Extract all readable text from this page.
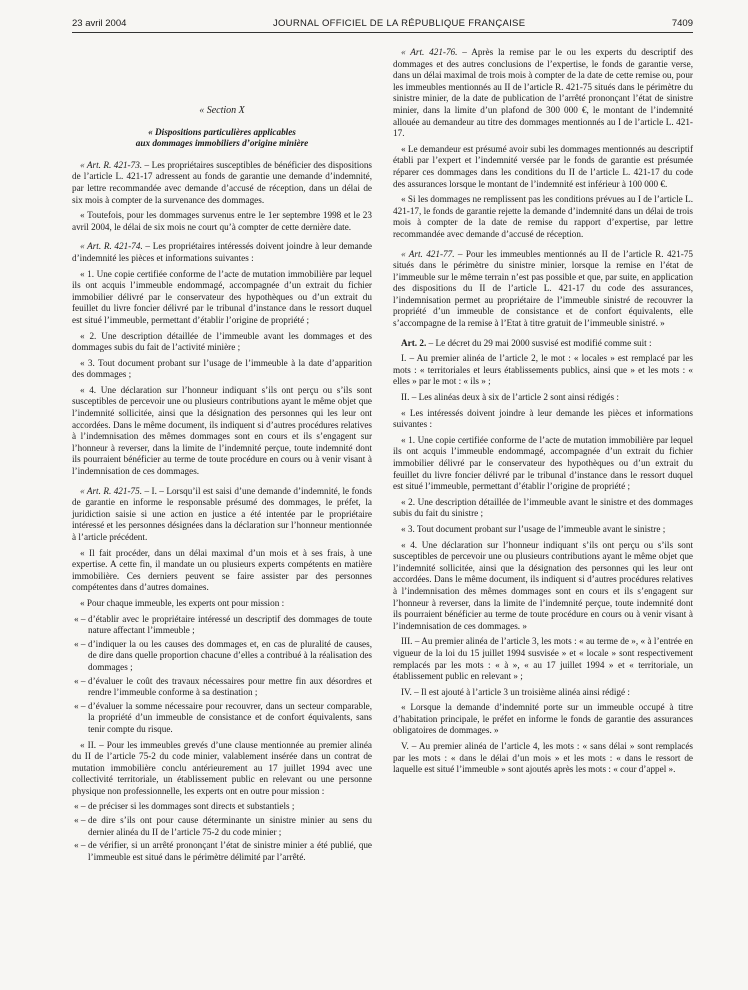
23 avril 2004	JOURNAL OFFICIEL DE LA RÉPUBLIQUE FRANÇAISE	7409
« Section X
« Dispositions particulières applicables
aux dommages immobiliers d’origine minière

« Art. R. 421-73. – Les propriétaires susceptibles de bénéficier des dispositions de l’article L. 421-17 adressent au fonds de garantie une demande d’indemnité, par lettre recommandée avec demande d’accusé de réception, dans un délai de six mois à compter de la survenance des dommages.

« Toutefois, pour les dommages survenus entre le 1er septembre 1998 et le 23 avril 2004, le délai de six mois ne court qu’à compter de cette dernière date.

« Art. R. 421-74. – Les propriétaires intéressés doivent joindre à leur demande d’indemnité les pièces et informations suivantes :

« 1. Une copie certifiée conforme de l’acte de mutation immobilière par lequel ils ont acquis l’immeuble endommagé, accompagnée d’un extrait du fichier immobilier délivré par le conservateur des hypothèques ou d’un extrait du feuillet du livre foncier délivré par le tribunal d’instance dans le ressort duquel est situé l’immeuble, permettant d’établir l’origine de propriété ;

« 2. Une description détaillée de l’immeuble avant les dommages et des dommages subis du fait de l’activité minière ;

« 3. Tout document probant sur l’usage de l’immeuble à la date d’apparition des dommages ;

« 4. Une déclaration sur l’honneur indiquant s’ils ont perçu ou s’ils sont susceptibles de percevoir une ou plusieurs contributions ayant le même objet que l’indemnité sollicitée, ainsi que la désignation des personnes qui les leur ont accordées. Dans le même document, ils indiquent si d’autres procédures relatives à l’indemnisation des mêmes dommages sont en cours et ils s’engagent sur l’honneur à reverser, dans la limite de l’indemnité perçue, toute indemnité dont ils pourraient bénéficier au terme de toute procédure en cours ou à venir visant à l’indemnisation de ces dommages.

« Art. R. 421-75. – I. – Lorsqu’il est saisi d’une demande d’indemnité, le fonds de garantie en informe le responsable présumé des dommages, le préfet, la juridiction saisie si une action en justice a été intentée par le propriétaire intéressé et les personnes désignées dans la déclaration sur l’honneur mentionnée à l’article précédent.

« Il fait procéder, dans un délai maximal d’un mois et à ses frais, à une expertise. A cette fin, il mandate un ou plusieurs experts compétents en matière immobilière. Ces derniers peuvent se faire assister par des personnes compétentes dans d’autres domaines.

« Pour chaque immeuble, les experts ont pour mission :

« – d’établir avec le propriétaire intéressé un descriptif des dommages de toute nature affectant l’immeuble ;
« – d’indiquer la ou les causes des dommages et, en cas de pluralité de causes, de dire dans quelle proportion chacune d’elles a contribué à la réalisation des dommages ;
« – d’évaluer le coût des travaux nécessaires pour mettre fin aux désordres et rendre l’immeuble conforme à sa destination ;
« – d’évaluer la somme nécessaire pour recouvrer, dans un secteur comparable, la propriété d’un immeuble de consistance et de confort équivalents, sans tenir compte du risque.

« II. – Pour les immeubles grevés d’une clause mentionnée au premier alinéa du II de l’article 75-2 du code minier, valablement insérée dans un contrat de mutation immobilière conclu antérieurement au 17 juillet 1994 avec une collectivité territoriale, un établissement public en relevant ou une personne physique non professionnelle, les experts ont en outre pour mission :

« – de préciser si les dommages sont directs et substantiels ;
« – de dire s’ils ont pour cause déterminante un sinistre minier au sens du dernier alinéa du II de l’article 75-2 du code minier ;
« – de vérifier, si un arrêté prononçant l’état de sinistre minier a été publié, que l’immeuble est situé dans le périmètre délimité par l’arrêté.

« Art. 421-76. – Après la remise par le ou les experts du descriptif des dommages et des autres conclusions de l’expertise, le fonds de garantie verse, dans un délai maximal de trois mois à compter de la date de cette remise ou, pour les immeubles mentionnés au II de l’article R. 421-75 situés dans le périmètre du sinistre minier, de la date de publication de l’arrêté prononçant l’état de sinistre minier, dans la limite d’un plafond de 300 000 €, le montant de l’indemnité allouée au demandeur au titre des dommages mentionnés au I de l’article L. 421-17.

« Le demandeur est présumé avoir subi les dommages mentionnés au descriptif établi par l’expert et l’indemnité versée par le fonds de garantie est présumée réparer ces dommages dans les conditions du II de l’article L. 421-17 du code des assurances lorsque le montant de l’indemnité est inférieur à 100 000 €.

« Si les dommages ne remplissent pas les conditions prévues au I de l’article L. 421-17, le fonds de garantie rejette la demande d’indemnité dans un délai de trois mois à compter de la date de remise du rapport d’expertise, par lettre recommandée avec demande d’accusé de réception.

« Art. 421-77. – Pour les immeubles mentionnés au II de l’article R. 421-75 situés dans le périmètre du sinistre minier, lorsque la remise en l’état de l’immeuble sur le même terrain n’est pas possible et que, par suite, en application des dispositions du II de l’article L. 421-17 du code des assurances, l’indemnisation permet au propriétaire de l’immeuble sinistré de recouvrer la propriété d’un immeuble de consistance et de confort équivalents, elle s’accompagne de la remise à l’Etat à titre gratuit de l’immeuble sinistré. »

Art. 2. – Le décret du 29 mai 2000 susvisé est modifié comme suit :

I. – Au premier alinéa de l’article 2, le mot : « locales » est remplacé par les mots : « territoriales et leurs établissements publics, ainsi que » et les mots : « elles » par le mot : « ils » ;

II. – Les alinéas deux à six de l’article 2 sont ainsi rédigés :

« Les intéressés doivent joindre à leur demande les pièces et informations suivantes :

« 1. Une copie certifiée conforme de l’acte de mutation immobilière par lequel ils ont acquis l’immeuble endommagé, accompagnée d’un extrait du fichier immobilier délivré par le conservateur des hypothèques ou d’un extrait du feuillet du livre foncier délivré par le tribunal d’instance dans le ressort duquel est situé l’immeuble, permettant d’établir l’origine de propriété ;

« 2. Une description détaillée de l’immeuble avant le sinistre et des dommages subis du fait du sinistre ;

« 3. Tout document probant sur l’usage de l’immeuble avant le sinistre ;

« 4. Une déclaration sur l’honneur indiquant s’ils ont perçu ou s’ils sont susceptibles de percevoir une ou plusieurs contributions ayant le même objet que l’indemnité sollicitée, ainsi que la désignation des personnes qui les leur ont accordées. Dans le même document, ils indiquent si d’autres procédures relatives à l’indemnisation des mêmes dommages sont en cours et ils s’engagent sur l’honneur à reverser, dans la limite de l’indemnité perçue, toute indemnité dont ils pourraient bénéficier au terme de toute procédure en cours ou à venir visant à l’indemnisation de ces dommages. »

III. – Au premier alinéa de l’article 3, les mots : « au terme de », « à l’entrée en vigueur de la loi du 15 juillet 1994 susvisée » et « locale » sont respectivement remplacés par les mots : « à », « au 17 juillet 1994 » et « territoriale, un établissement public en relevant » ;

IV. – Il est ajouté à l’article 3 un troisième alinéa ainsi rédigé :

« Lorsque la demande d’indemnité porte sur un immeuble occupé à titre d’habitation principale, le préfet en informe le fonds de garantie des assurances obligatoires de dommages. »

V. – Au premier alinéa de l’article 4, les mots : « sans délai » sont remplacés par les mots : « dans le délai d’un mois » et les mots : « dans le ressort de laquelle est situé l’immeuble » sont ajoutés après les mots : « cour d’appel ».
